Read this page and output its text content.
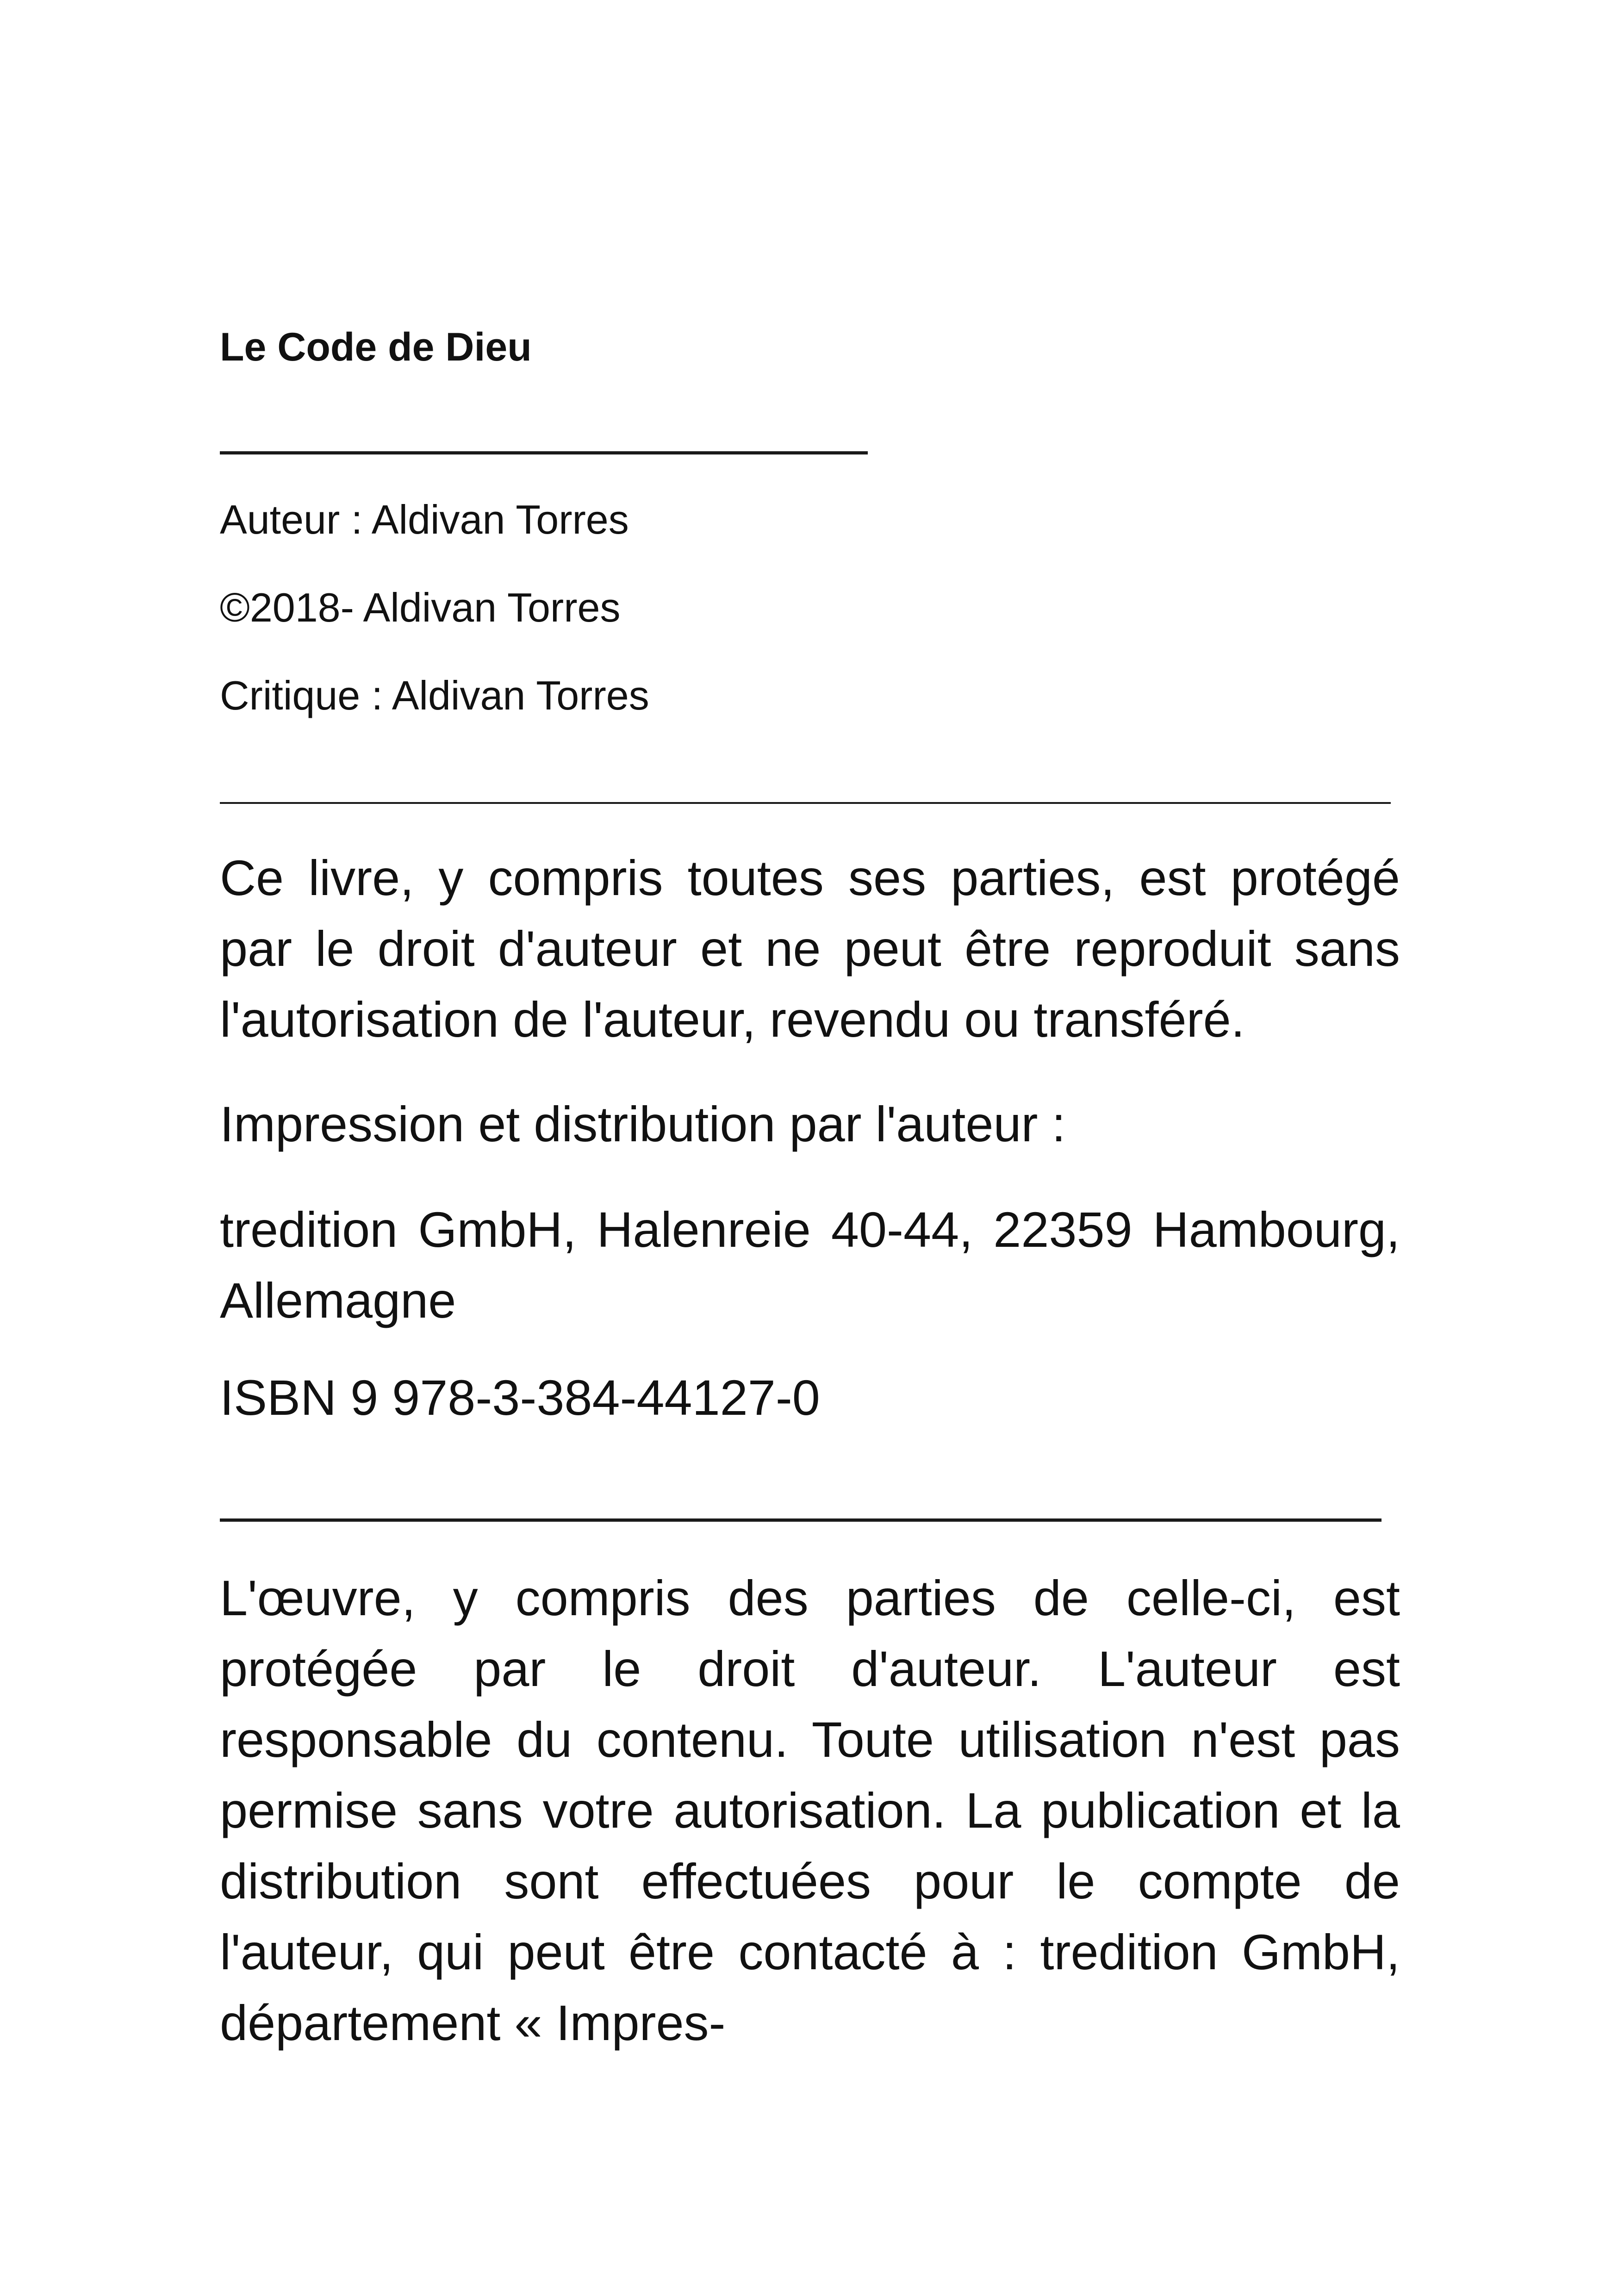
Le Code de Dieu

Auteur : Aldivan Torres

©2018- Aldivan Torres

Critique : Aldivan Torres

Ce livre, y compris toutes ses parties, est protégé par le droit d'auteur et ne peut être reproduit sans l'autorisation de l'auteur, revendu ou transféré.

Impression et distribution par l'auteur :

tredition GmbH, Halenreie 40-44, 22359 Hambourg, Allemagne

ISBN 9 978-3-384-44127-0

L'œuvre, y compris des parties de celle-ci, est protégée par le droit d'auteur. L'auteur est responsable du contenu. Toute utilisation n'est pas permise sans votre autorisation. La publication et la distribution sont effectuées pour le compte de l'auteur, qui peut être contacté à : tredition GmbH, département « Impres-
